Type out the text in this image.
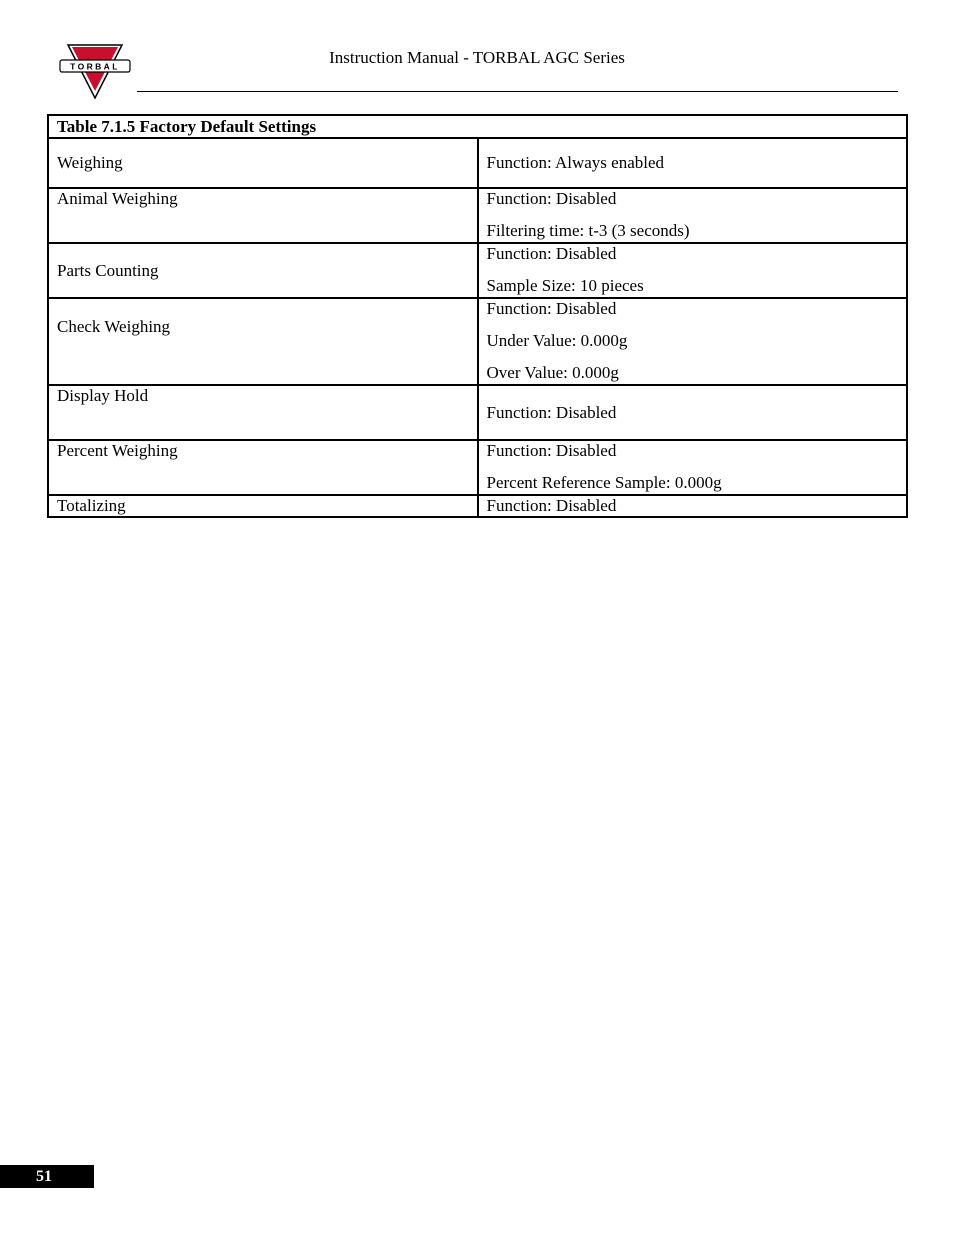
TORBAL	Instruction Manual - TORBAL AGC Series
Table 7.1.5 Factory Default Settings	
Weighing	Function: Always enabled

Animal Weighing	Function: Disabled
Filtering time: t-3 (3 seconds)

Parts Counting	Function: Disabled
Sample Size: 10 pieces

Check Weighing	Function: Disabled
Under Value: 0.000g
Over Value: 0.000g

Display Hold	Function: Disabled

Percent Weighing	Function: Disabled
Percent Reference Sample: 0.000g

Totalizing	Function: Disabled
51
